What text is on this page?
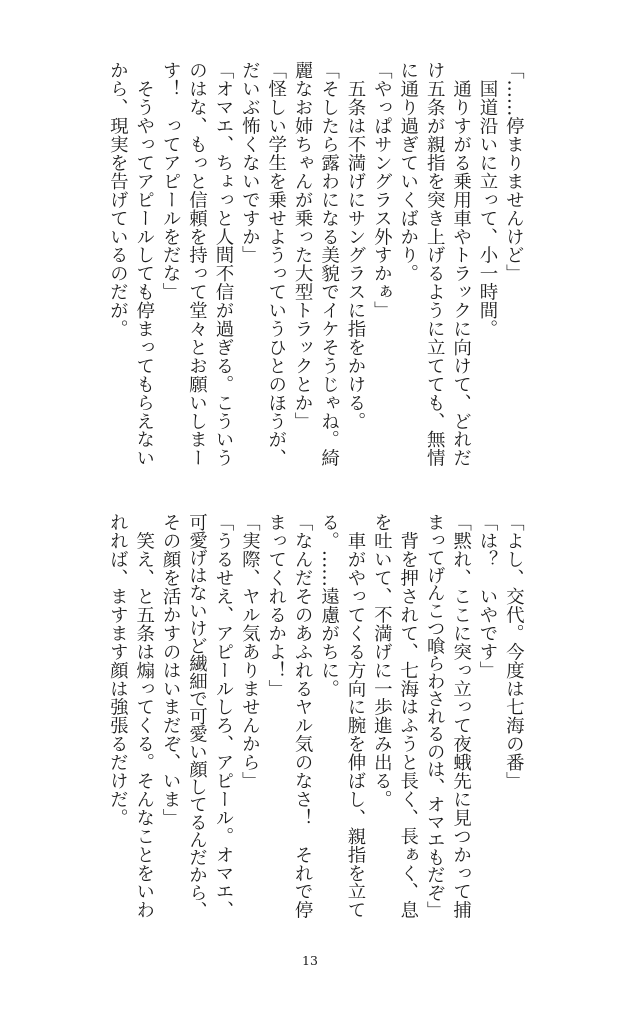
「……停まりませんけど」
　国道沿いに立って、小一時間。
　通りすがる乗用車やトラックに向けて、どれだ
け五条が親指を突き上げるように立てても、無情
に通り過ぎていくばかり。
「やっぱサングラス外すかぁ」
　五条は不満げにサングラスに指をかける。
「そしたら露わになる美貌でイケそうじゃね。綺
麗なお姉ちゃんが乗った大型トラックとか」
「怪しい学生を乗せようっていうひとのほうが、
だいぶ怖くないですか」
「オマエ、ちょっと人間不信が過ぎる。こういう
のはな、もっと信頼を持って堂々とお願いしまー
す！　ってアピールをだな」
　そうやってアピールしても停まってもらえない
から、現実を告げているのだが。
「よし、交代。今度は七海の番」
「は？　いやです」
「黙れ、ここに突っ立って夜蛾先に見つかって捕
まってげんこつ喰らわされるのは、オマエもだぞ」
　背を押されて、七海はふうと長く、長ぁく、息
を吐いて、不満げに一歩進み出る。
　車がやってくる方向に腕を伸ばし、親指を立て
る。……遠慮がちに。
「なんだそのあふれるヤル気のなさ！　それで停
まってくれるかよ！」
「実際、ヤル気ありませんから」
「うるせえ、アピールしろ、アピール。オマエ、
可愛げはないけど繊細で可愛い顔してるんだから、
その顔を活かすのはいまだぞ、いま」
　笑え、と五条は煽ってくる。そんなことをいわ
れれば、ますます顔は強張るだけだ。
13
